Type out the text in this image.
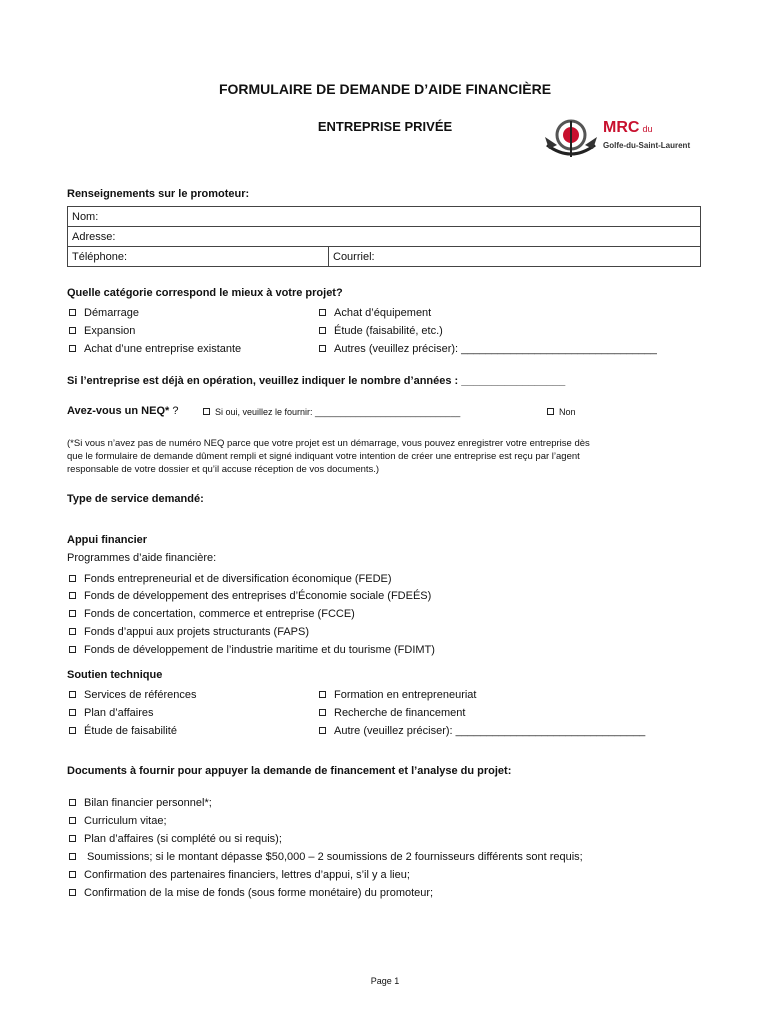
FORMULAIRE DE DEMANDE D’AIDE FINANCIÈRE
ENTREPRISE PRIVÉE	MRC du
Golfe-du-Saint-Laurent
Renseignements sur le promoteur:
Nom:
Adresse:
Téléphone:	Courriel:
Quelle catégorie correspond le mieux à votre projet?
Démarrage
Expansion
Achat d’une entreprise existante
Achat d’équipement
Étude (faisabilité, etc.)
Autres (veuillez préciser): ________________________________
Si l’entreprise est déjà en opération, veuillez indiquer le nombre d’années : _________________
Avez-vous un NEQ* ?	Si oui, veuillez le fournir: _____________________________	Non
(*Si vous n’avez pas de numéro NEQ parce que votre projet est un démarrage, vous pouvez enregistrer votre entreprise dès
que le formulaire de demande dûment rempli et signé indiquant votre intention de créer une entreprise est reçu par l’agent
responsable de votre dossier et qu’il accuse réception de vos documents.)
Type de service demandé:
Appui financier
Programmes d’aide financière:
Fonds entrepreneurial et de diversification économique (FEDE)
Fonds de développement des entreprises d’Économie sociale (FDEÉS)
Fonds de concertation, commerce et entreprise (FCCE)
Fonds d’appui aux projets structurants (FAPS)
Fonds de développement de l’industrie maritime et du tourisme (FDIMT)
Soutien technique
Services de références
Plan d’affaires
Étude de faisabilité
Formation en entrepreneuriat
Recherche de financement
Autre (veuillez préciser): _______________________________
Documents à fournir pour appuyer la demande de financement et l’analyse du projet:
Bilan financier personnel*;
Curriculum vitae;
Plan d’affaires (si complété ou si requis);
Soumissions; si le montant dépasse $50,000 – 2 soumissions de 2 fournisseurs différents sont requis;
Confirmation des partenaires financiers, lettres d’appui, s’il y a lieu;
Confirmation de la mise de fonds (sous forme monétaire) du promoteur;
Page 1
